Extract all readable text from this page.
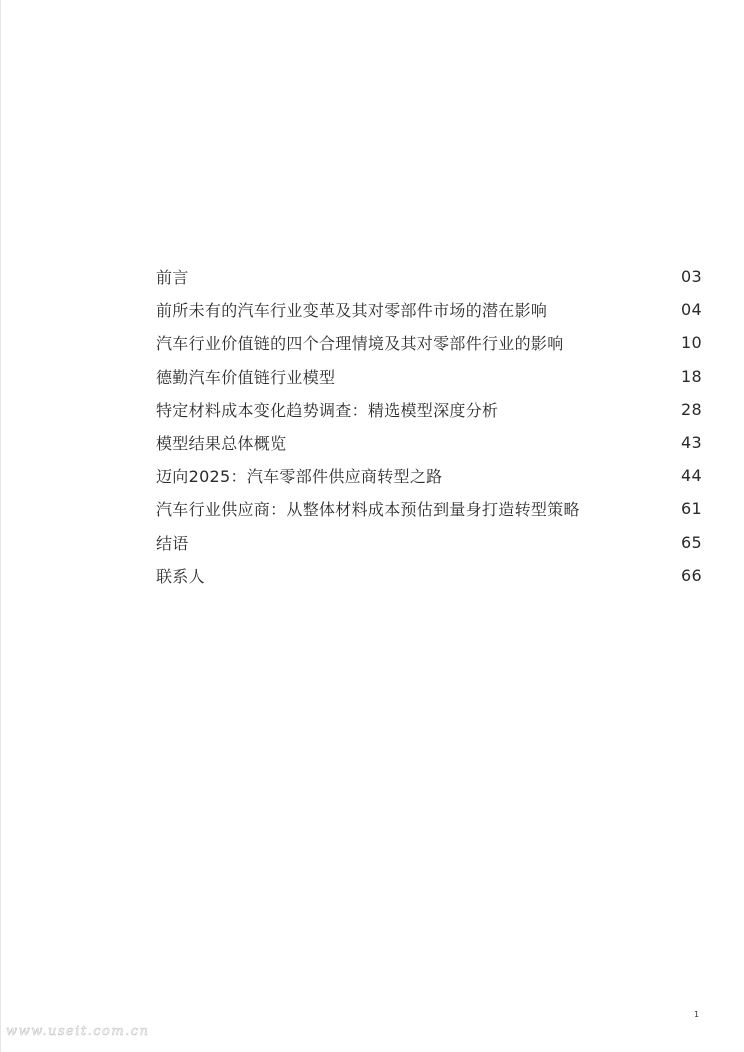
前言	03
前所未有的汽车行业变革及其对零部件市场的潜在影响	04
汽车行业价值链的四个合理情境及其对零部件行业的影响	10
德勤汽车价值链行业模型	18
特定材料成本变化趋势调查：精选模型深度分析	28
模型结果总体概览	43
迈向2025：汽车零部件供应商转型之路	44
汽车行业供应商：从整体材料成本预估到量身打造转型策略	61
结语	65
联系人	66
1
www.useit.com.cn
